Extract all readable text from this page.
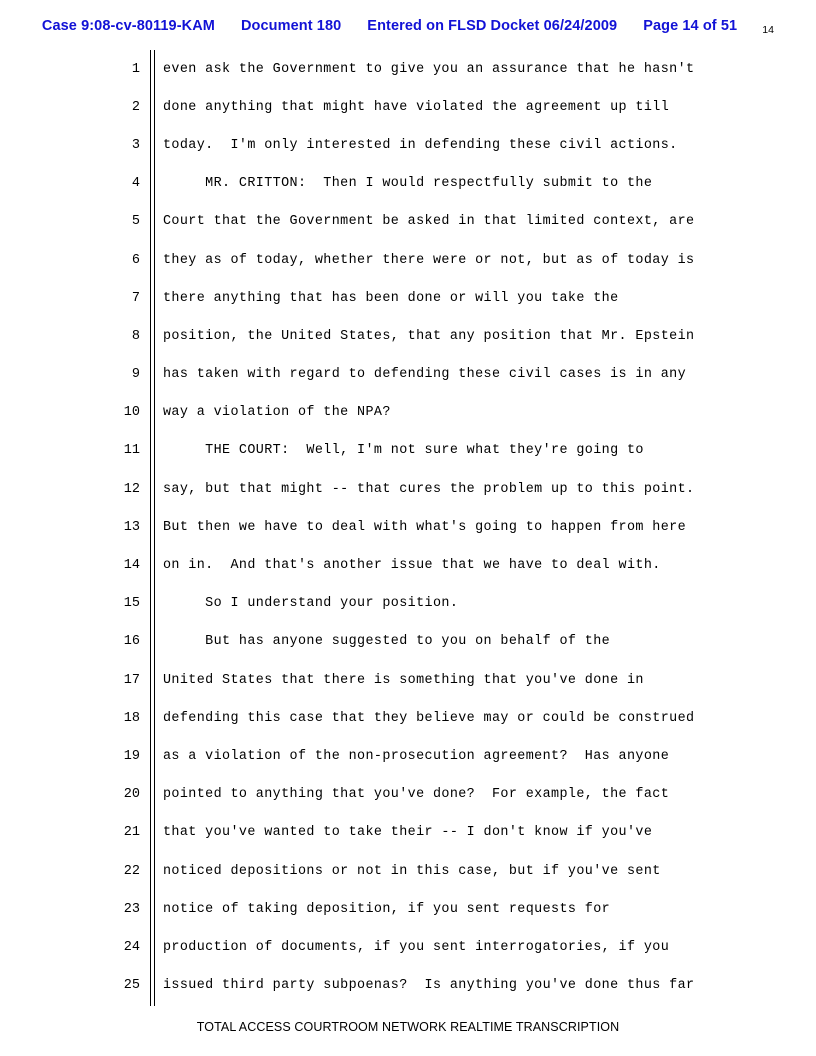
Case 9:08-cv-80119-KAM Document 180 Entered on FLSD Docket 06/24/2009 Page 14 of 51 14
1 even ask the Government to give you an assurance that he hasn't
2 done anything that might have violated the agreement up till
3 today.  I'm only interested in defending these civil actions.
4 MR. CRITTON:  Then I would respectfully submit to the
5 Court that the Government be asked in that limited context, are
6 they as of today, whether there were or not, but as of today is
7 there anything that has been done or will you take the
8 position, the United States, that any position that Mr. Epstein
9 has taken with regard to defending these civil cases is in any
10 way a violation of the NPA?
11 THE COURT:  Well, I'm not sure what they're going to
12 say, but that might -- that cures the problem up to this point.
13 But then we have to deal with what's going to happen from here
14 on in.  And that's another issue that we have to deal with.
15 So I understand your position.
16 But has anyone suggested to you on behalf of the
17 United States that there is something that you've done in
18 defending this case that they believe may or could be construed
19 as a violation of the non-prosecution agreement?  Has anyone
20 pointed to anything that you've done?  For example, the fact
21 that you've wanted to take their -- I don't know if you've
22 noticed depositions or not in this case, but if you've sent
23 notice of taking deposition, if you sent requests for
24 production of documents, if you sent interrogatories, if you
25 issued third party subpoenas?  Is anything you've done thus far
TOTAL ACCESS COURTROOM NETWORK REALTIME TRANSCRIPTION
